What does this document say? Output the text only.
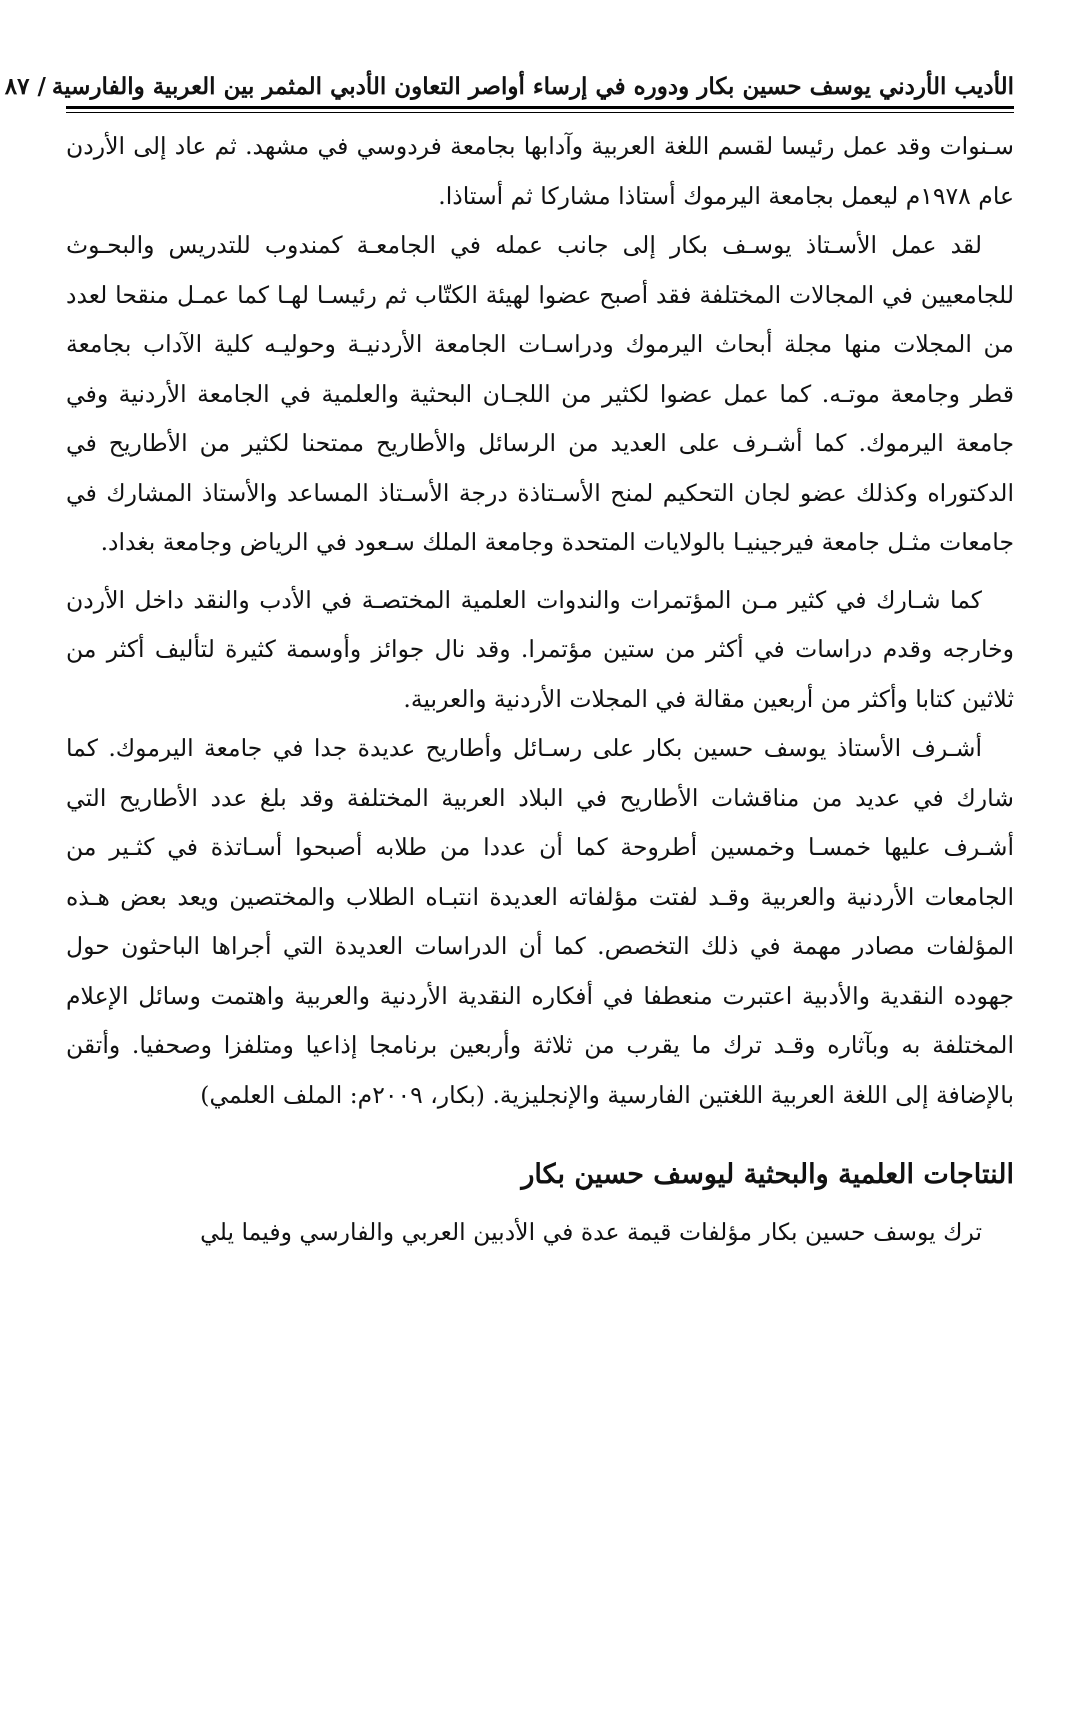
الأديب الأردني يوسف حسين بكار ودوره في إرساء أواصر التعاون الأدبي المثمر بين العربية والفارسية
/ ٨٧

سـنوات وقد عمل رئيسا لقسم اللغة العربية وآدابها بجامعة فردوسي في مشهد. ثم عاد إلى الأردن عام ١٩٧٨م ليعمل بجامعة اليرموك أستاذا مشاركا ثم أستاذا.

لقد عمل الأسـتاذ يوسـف بكار إلى جانب عمله في الجامعـة كمندوب للتدريس والبحـوث للجامعيين في المجالات المختلفة فقد أصبح عضوا لهيئة الكتّاب ثم رئيسـا لهـا كما عمـل منقحا لعدد من المجلات منها مجلة أبحاث اليرموك ودراسـات الجامعة الأردنيـة وحوليـه كلية الآداب بجامعة قطر وجامعة موتـه. كما عمل عضوا لكثير من اللجـان البحثية والعلمية في الجامعة الأردنية وفي جامعة اليرموك. كما أشـرف على العديد من الرسائل والأطاريح ممتحنا لكثير من الأطاريح في الدكتوراه وكذلك عضو لجان التحكيم لمنح الأسـتاذة درجة الأسـتاذ المساعد والأستاذ المشارك في جامعات مثـل جامعة فيرجينيـا بالولايات المتحدة وجامعة الملك سـعود في الرياض وجامعة بغداد.

كما شـارك في كثير مـن المؤتمرات والندوات العلمية المختصـة في الأدب والنقد داخل الأردن وخارجه وقدم دراسات في أكثر من ستين مؤتمرا. وقد نال جوائز وأوسمة كثيرة لتأليف أكثر من ثلاثين كتابا وأكثر من أربعين مقالة في المجلات الأردنية والعربية.

أشـرف الأستاذ يوسف حسين بكار على رسـائل وأطاريح عديدة جدا في جامعة اليرموك. كما شارك في عديد من مناقشات الأطاريح في البلاد العربية المختلفة وقد بلغ عدد الأطاريح التي أشـرف عليها خمسـا وخمسين أطروحة كما أن عددا من طلابه أصبحوا أسـاتذة في كثـير من الجامعات الأردنية والعربية وقـد لفتت مؤلفاته العديدة انتبـاه الطلاب والمختصين ويعد بعض هـذه المؤلفات مصادر مهمة في ذلك التخصص. كما أن الدراسات العديدة التي أجراها الباحثون حول جهوده النقدية والأدبية اعتبرت منعطفا في أفكاره النقدية الأردنية والعربية واهتمت وسائل الإعلام المختلفة به وبآثاره وقـد ترك ما يقرب من ثلاثة وأربعين برنامجا إذاعيا ومتلفزا وصحفيا. وأتقن بالإضافة إلى اللغة العربية اللغتين الفارسية والإنجليزية. (بكار، ٢٠٠٩م: الملف العلمي)

النتاجات العلمية والبحثية ليوسف حسين بكار

ترك يوسف حسين بكار مؤلفات قيمة عدة في الأدبين العربي والفارسي وفيما يلي
